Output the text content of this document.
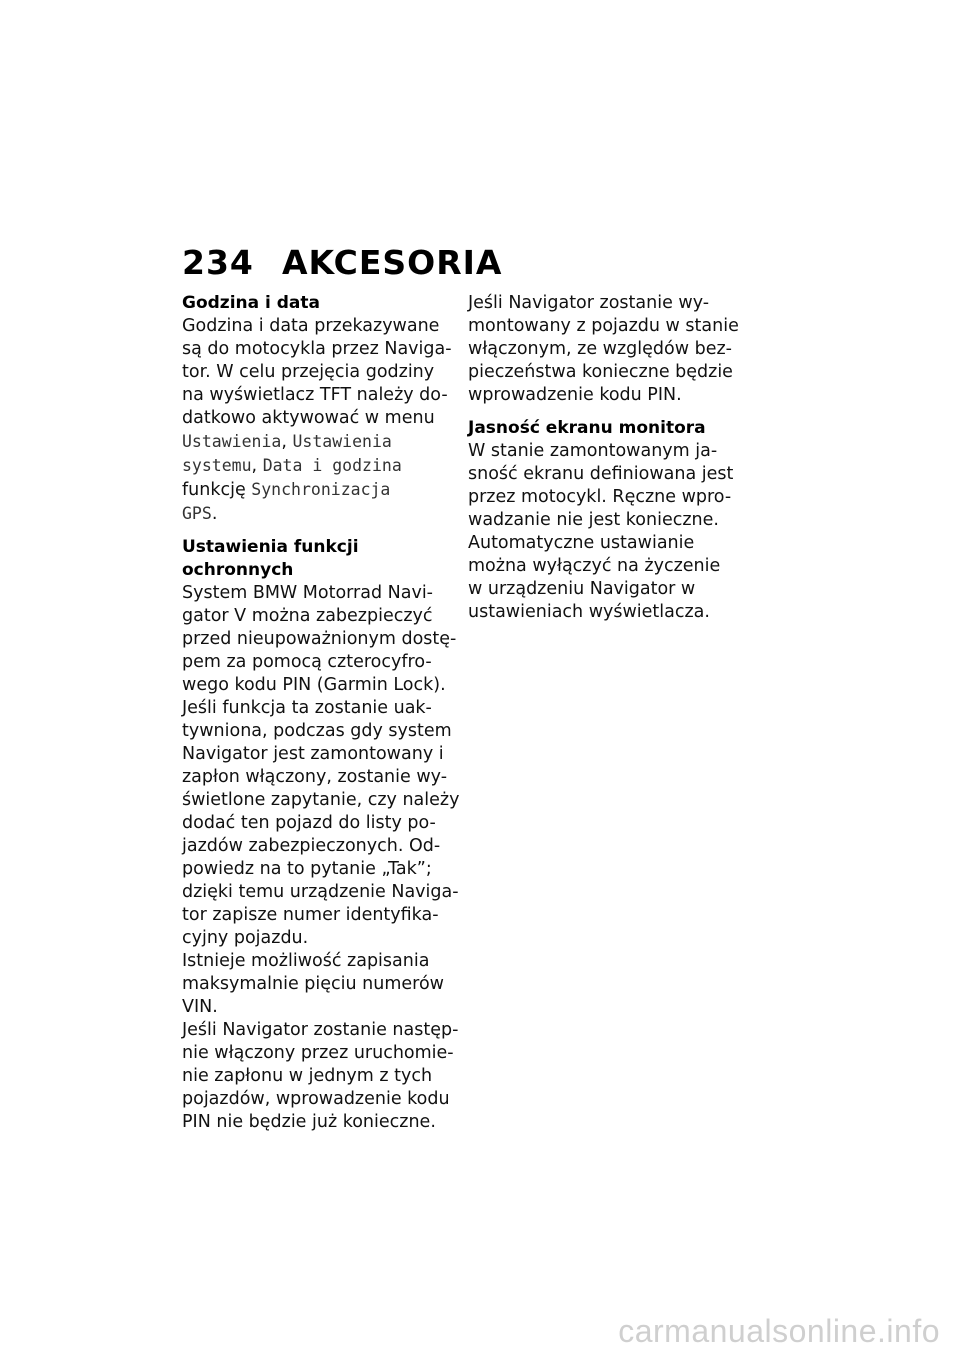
234 AKCESORIA

Godzina i data

Godzina i data przekazywane
są do motocykla przez Naviga-
tor. W celu przejęcia godziny
na wyświetlacz TFT należy do-
datkowo aktywować w menu
Ustawienia, Ustawienia
systemu, Data i godzina
funkcję Synchronizacja
GPS.

Ustawienia funkcji ochronnych

System BMW Motorrad Navi-
gator V można zabezpieczyć
przed nieupoważnionym dostę-
pem za pomocą czterocyfro-
wego kodu PIN (Garmin Lock).
Jeśli funkcja ta zostanie uak-
tywniona, podczas gdy system
Navigator jest zamontowany i
zapłon włączony, zostanie wy-
świetlone zapytanie, czy należy
dodać ten pojazd do listy po-
jazdów zabezpieczonych. Od-
powiedz na to pytanie „Tak”;
dzięki temu urządzenie Naviga-
tor zapisze numer identyfika-
cyjny pojazdu.
Istnieje możliwość zapisania
maksymalnie pięciu numerów
VIN.
Jeśli Navigator zostanie następ-
nie włączony przez uruchomie-
nie zapłonu w jednym z tych
pojazdów, wprowadzenie kodu
PIN nie będzie już konieczne.

Jeśli Navigator zostanie wy-
montowany z pojazdu w stanie
włączonym, ze względów bez-
pieczeństwa konieczne będzie
wprowadzenie kodu PIN.

Jasność ekranu monitora

W stanie zamontowanym ja-
sność ekranu definiowana jest
przez motocykl. Ręczne wpro-
wadzanie nie jest konieczne.
Automatyczne ustawianie
można wyłączyć na życzenie
w urządzeniu Navigator w
ustawieniach wyświetlacza.

carmanualsonline.info
